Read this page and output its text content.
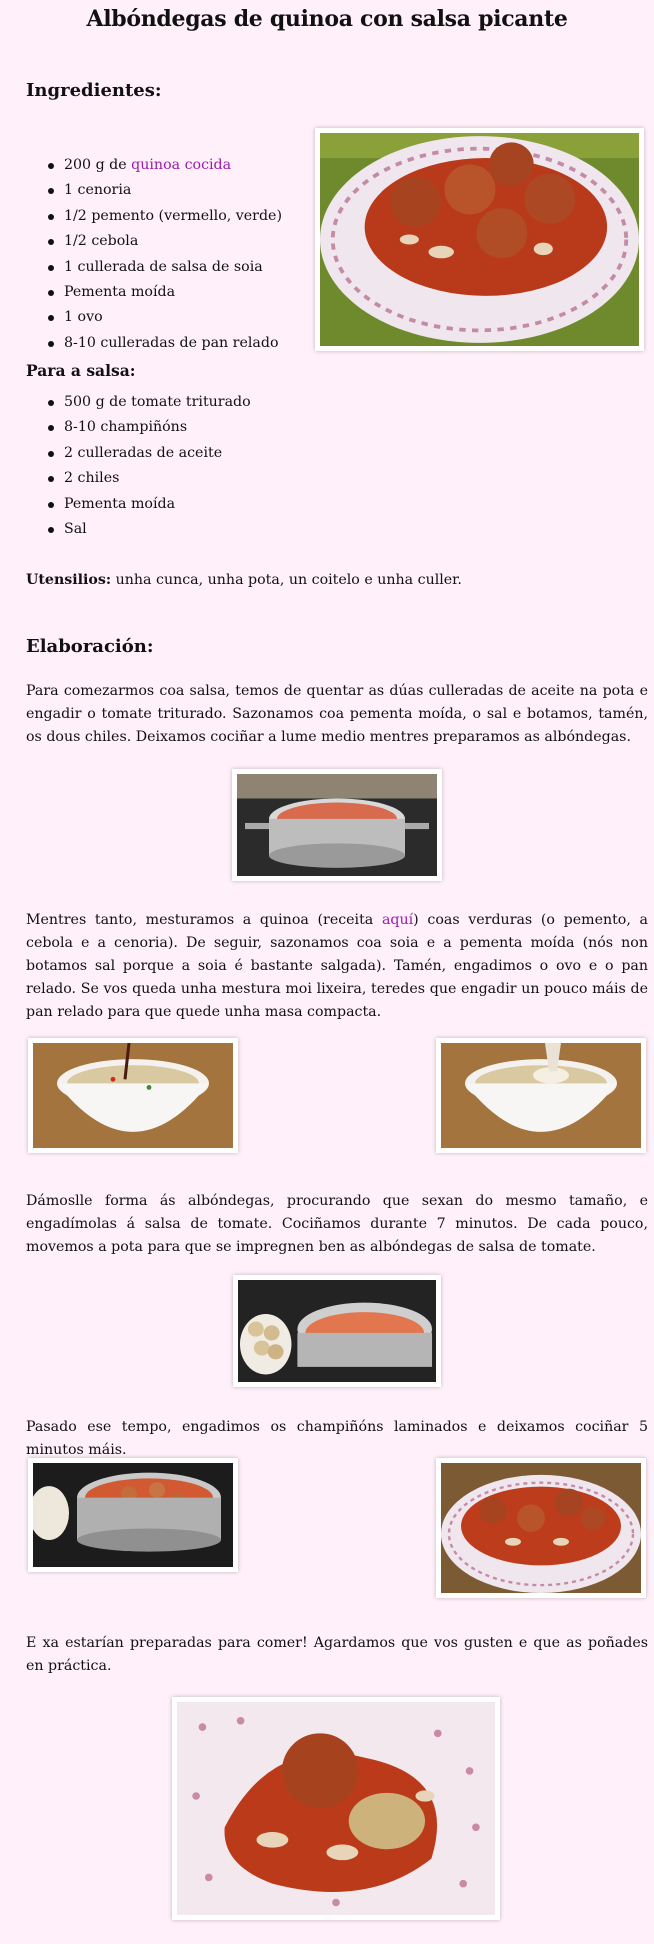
Albóndegas de quinoa con salsa picante
Ingredientes:
200 g de quinoa cocida
1 cenoria
1/2 pemento (vermello, verde)
1/2 cebola
1 cullerada de salsa de soia
Pementa moída
1 ovo
8-10 culleradas de pan relado
Para a salsa:
500 g de tomate triturado
8-10 champiñóns
2 culleradas de aceite
2 chiles
Pementa moída
Sal

Utensilios: unha cunca, unha pota, un coitelo e unha culler.

Elaboración:

Para comezarmos coa salsa, temos de quentar as dúas culleradas de aceite na pota e engadir o tomate triturado. Sazonamos coa pementa moída, o sal e botamos, tamén, os dous chiles. Deixamos cociñar a lume medio mentres preparamos as albóndegas.

Mentres tanto, mesturamos a quinoa (receita aquí) coas verduras (o pemento, a cebola e a cenoria). De seguir, sazonamos coa soia e a pementa moída (nós non botamos sal porque a soia é bastante salgada). Tamén, engadimos o ovo e o pan relado. Se vos queda unha mestura moi lixeira, teredes que engadir un pouco máis de pan relado para que quede unha masa compacta.

Dámoslle forma ás albóndegas, procurando que sexan do mesmo tamaño, e engadímolas á salsa de tomate. Cociñamos durante 7 minutos. De cada pouco, movemos a pota para que se impregnen ben as albóndegas de salsa de tomate.

Pasado ese tempo, engadimos os champiñóns laminados e deixamos cociñar 5 minutos máis.

E xa estarían preparadas para comer! Agardamos que vos gusten e que as poñades en práctica.
